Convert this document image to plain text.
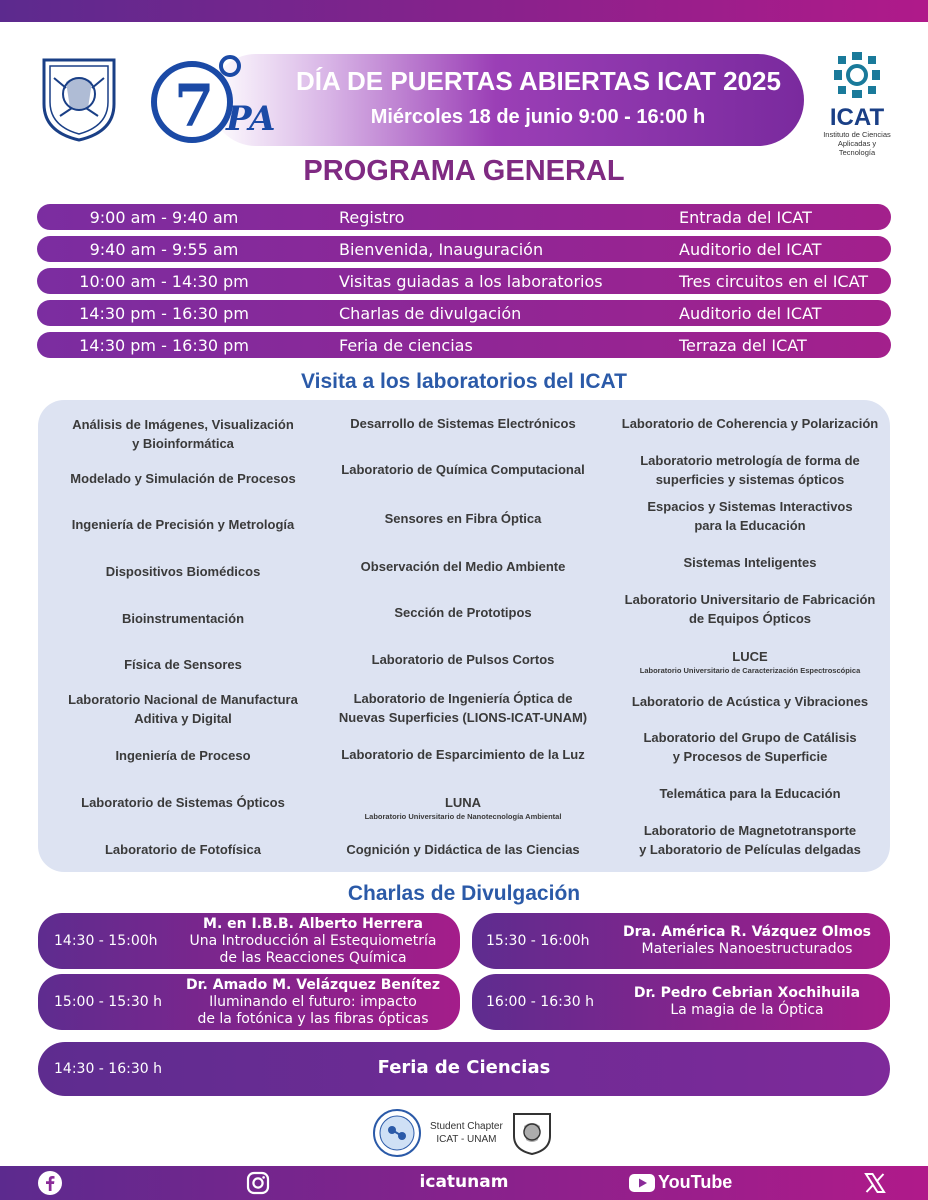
7 PA
DÍA DE PUERTAS ABIERTAS ICAT 2025
Miércoles 18 de junio 9:00 - 16:00 h	ICAT
Instituto de Ciencias
Aplicadas y Tecnología
PROGRAMA GENERAL
9:00 am - 9:40 am	Registro	Entrada del ICAT
9:40 am - 9:55 am	Bienvenida, Inauguración	Auditorio del ICAT
10:00 am - 14:30 pm	Visitas guiadas a los laboratorios	Tres circuitos en el ICAT
14:30 pm - 16:30 pm	Charlas de divulgación	Auditorio del ICAT
14:30 pm - 16:30 pm	Feria de ciencias	Terraza del ICAT
Visita a los laboratorios del ICAT
Análisis de Imágenes, Visualización
y Bioinformática
Modelado y Simulación de Procesos
Ingeniería de Precisión y Metrología
Dispositivos Biomédicos
Bioinstrumentación
Física de Sensores
Laboratorio Nacional de Manufactura
Aditiva y Digital
Ingeniería de Proceso
Laboratorio de Sistemas Ópticos
Laboratorio de Fotofísica
Desarrollo de Sistemas Electrónicos
Laboratorio de Química Computacional
Sensores en Fibra Óptica
Observación del Medio Ambiente
Sección de Prototipos
Laboratorio de Pulsos Cortos
Laboratorio de Ingeniería Óptica de
Nuevas Superficies (LIONS-ICAT-UNAM)
Laboratorio de Esparcimiento de la Luz
LUNA
Laboratorio Universitario de Nanotecnología Ambiental
Cognición y Didáctica de las Ciencias
Laboratorio de Coherencia y Polarización
Laboratorio metrología de forma de
superficies y sistemas ópticos
Espacios y Sistemas Interactivos
para la Educación
Sistemas Inteligentes
Laboratorio Universitario de Fabricación
de Equipos Ópticos
LUCE
Laboratorio Universitario de Caracterización Espectroscópica
Laboratorio de Acústica y Vibraciones
Laboratorio del Grupo de Catálisis
y Procesos de Superficie
Telemática para la Educación
Laboratorio de Magnetotransporte
y Laboratorio de Películas delgadas
Charlas de Divulgación
14:30 - 15:00h
M. en I.B.B. Alberto Herrera
Una Introducción al Estequiometría
de las Reacciones Química
15:30 - 16:00h
Dra. América R. Vázquez Olmos
Materiales Nanoestructurados
15:00 - 15:30 h
Dr. Amado M. Velázquez Benítez
Iluminando el futuro: impacto
de la fotónica y las fibras ópticas
16:00 - 16:30 h
Dr. Pedro Cebrian Xochihuila
La magia de la Óptica
14:30 - 16:30 h	Feria de Ciencias
Student Chapter
ICAT - UNAM
icatunam	YouTube
